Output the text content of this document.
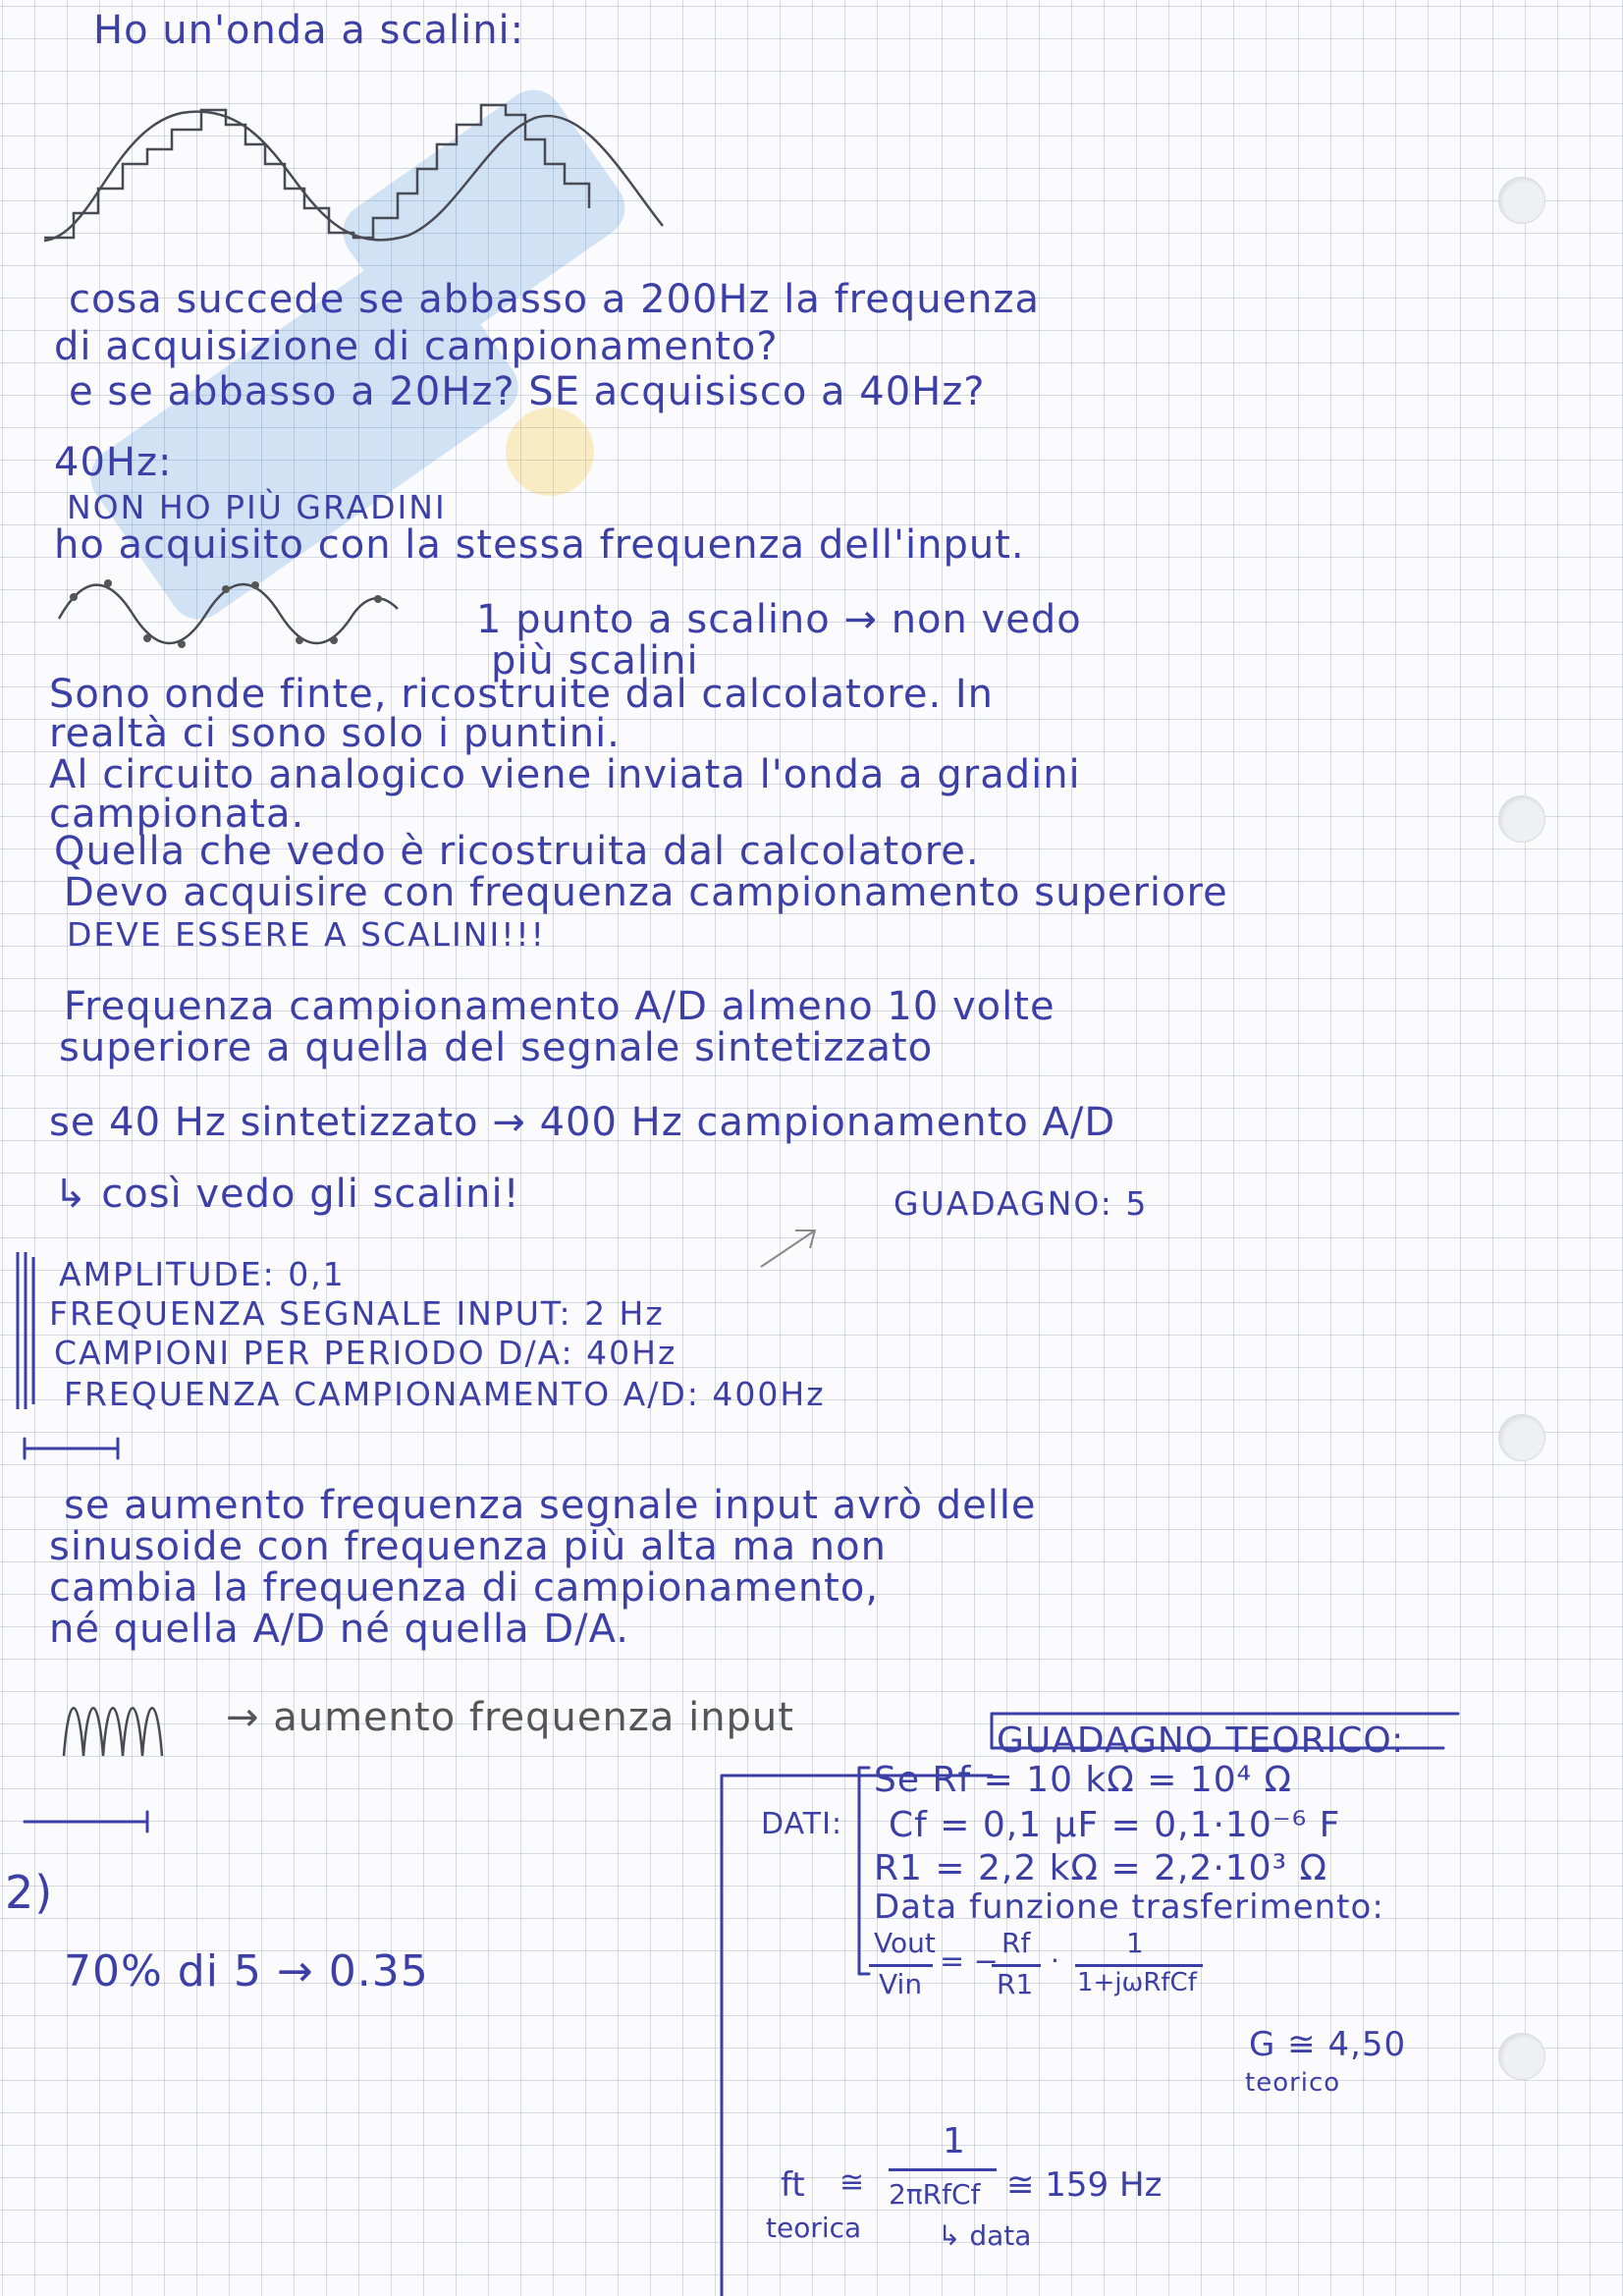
Ho un'onda a scalini:
cosa succede se abbasso a 200Hz la frequenza
di acquisizione di campionamento?
e se abbasso a 20Hz? SE acquisisco a 40Hz?
40Hz:
NON HO PIÙ GRADINI
ho acquisito con la stessa frequenza dell'input.
1 punto a scalino → non vedo
più scalini
Sono onde finte, ricostruite dal calcolatore. In
realtà ci sono solo i puntini.
Al circuito analogico viene inviata l'onda a gradini
campionata.
Quella che vedo è ricostruita dal calcolatore.
Devo acquisire con frequenza campionamento superiore
DEVE ESSERE A SCALINI!!!
Frequenza campionamento A/D almeno 10 volte
superiore a quella del segnale sintetizzato
se 40 Hz sintetizzato → 400 Hz campionamento A/D
↳ così vedo gli scalini!	GUADAGNO: 5
AMPLITUDE: 0,1
FREQUENZA SEGNALE INPUT: 2 Hz
CAMPIONI PER PERIODO D/A: 40Hz
FREQUENZA CAMPIONAMENTO A/D: 400Hz
se aumento frequenza segnale input avrò delle
sinusoide con frequenza più alta ma non
cambia la frequenza di campionamento,
né quella A/D né quella D/A.
→ aumento frequenza input
2)
70% di 5 → 0.35
GUADAGNO TEORICO:
DATI:
Se Rf = 10 kΩ = 10⁴ Ω
Cf = 0,1 µF = 0,1·10⁻⁶ F
R1 = 2,2 kΩ = 2,2·10³ Ω
Data funzione trasferimento:
Vout
Vin
= −
Rf
R1
·
1
1+jωRfCf
G ≅ 4,50
teorico
ft ≅
teorica
1
2πRfCf ≅ 159 Hz
↳ data
